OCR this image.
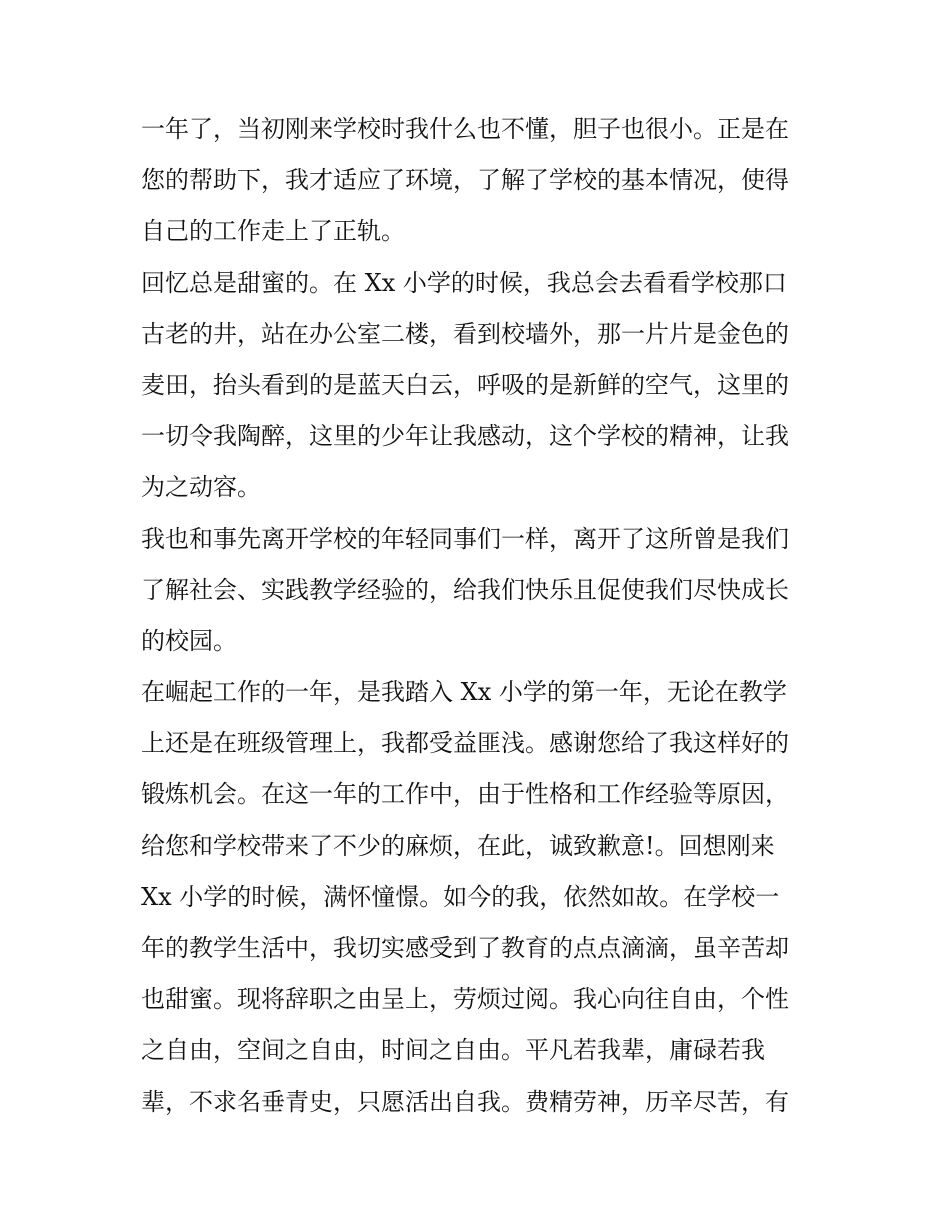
一年了，当初刚来学校时我什么也不懂，胆子也很小。正是在
您的帮助下，我才适应了环境，了解了学校的基本情况，使得
自己的工作走上了正轨。
回忆总是甜蜜的。在 Xx 小学的时候，我总会去看看学校那口
古老的井，站在办公室二楼，看到校墙外，那一片片是金色的
麦田，抬头看到的是蓝天白云，呼吸的是新鲜的空气，这里的
一切令我陶醉，这里的少年让我感动，这个学校的精神，让我
为之动容。
我也和事先离开学校的年轻同事们一样，离开了这所曾是我们
了解社会、实践教学经验的，给我们快乐且促使我们尽快成长
的校园。
在崛起工作的一年，是我踏入 Xx 小学的第一年，无论在教学
上还是在班级管理上，我都受益匪浅。感谢您给了我这样好的
锻炼机会。在这一年的工作中，由于性格和工作经验等原因，
给您和学校带来了不少的麻烦，在此，诚致歉意!。回想刚来
Xx 小学的时候，满怀憧憬。如今的我，依然如故。在学校一
年的教学生活中，我切实感受到了教育的点点滴滴，虽辛苦却
也甜蜜。现将辞职之由呈上，劳烦过阅。我心向往自由，个性
之自由，空间之自由，时间之自由。平凡若我辈，庸碌若我
辈，不求名垂青史，只愿活出自我。费精劳神，历辛尽苦，有
